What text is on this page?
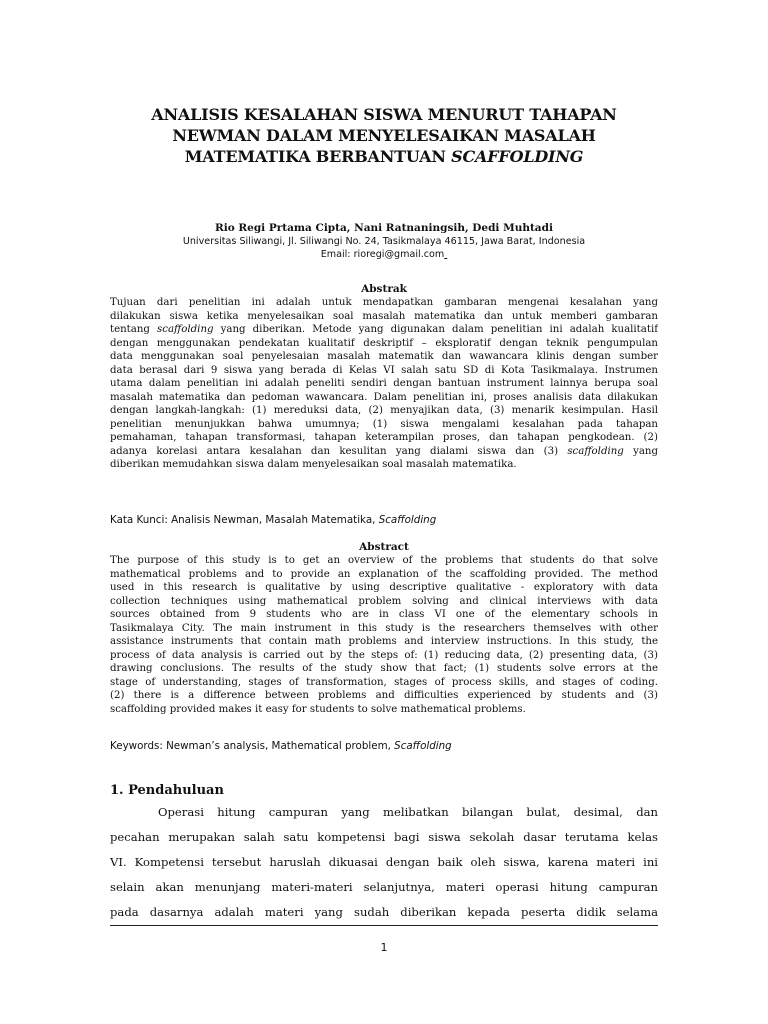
ANALISIS KESALAHAN SISWA MENURUT TAHAPAN
NEWMAN DALAM MENYELESAIKAN MASALAH
MATEMATIKA BERBANTUAN SCAFFOLDING
Rio Regi Prtama Cipta, Nani Ratnaningsih, Dedi Muhtadi
Universitas Siliwangi, Jl. Siliwangi No. 24, Tasikmalaya 46115, Jawa Barat, Indonesia
Email: rioregi@gmail.com
Abstrak
Tujuan dari penelitian ini adalah untuk mendapatkan gambaran mengenai kesalahan yang
dilakukan siswa ketika menyelesaikan soal masalah matematika dan untuk memberi gambaran
tentang scaffolding yang diberikan. Metode yang digunakan dalam penelitian ini adalah kualitatif
dengan menggunakan pendekatan kualitatif deskriptif – eksploratif dengan teknik pengumpulan
data menggunakan soal penyelesaian masalah matematik dan wawancara klinis dengan sumber
data berasal dari 9 siswa yang berada di Kelas VI salah satu SD di Kota Tasikmalaya. Instrumen
utama dalam penelitian ini adalah peneliti sendiri dengan bantuan instrument lainnya berupa soal
masalah matematika dan pedoman wawancara. Dalam penelitian ini, proses analisis data dilakukan
dengan langkah-langkah: (1) mereduksi data, (2) menyajikan data, (3) menarik kesimpulan. Hasil
penelitian menunjukkan bahwa umumnya; (1) siswa mengalami kesalahan pada tahapan
pemahaman, tahapan transformasi, tahapan keterampilan proses, dan tahapan pengkodean. (2)
adanya korelasi antara kesalahan dan kesulitan yang dialami siswa dan (3) scaffolding yang
diberikan memudahkan siswa dalam menyelesaikan soal masalah matematika.
Kata Kunci: Analisis Newman, Masalah Matematika, Scaffolding
Abstract
The purpose of this study is to get an overview of the problems that students do that solve
mathematical problems and to provide an explanation of the scaffolding provided. The method
used in this research is qualitative by using descriptive qualitative - exploratory with data
collection techniques using mathematical problem solving and clinical interviews with data
sources obtained from 9 students who are in class VI one of the elementary schools in
Tasikmalaya City. The main instrument in this study is the researchers themselves with other
assistance instruments that contain math problems and interview instructions. In this study, the
process of data analysis is carried out by the steps of: (1) reducing data, (2) presenting data, (3)
drawing conclusions. The results of the study show that fact; (1) students solve errors at the
stage of understanding, stages of transformation, stages of process skills, and stages of coding.
(2) there is a difference between problems and difficulties experienced by students and (3)
scaffolding provided makes it easy for students to solve mathematical problems.
Keywords: Newman’s analysis, Mathematical problem, Scaffolding
1. Pendahuluan
Operasi hitung campuran yang melibatkan bilangan bulat, desimal, dan
pecahan merupakan salah satu kompetensi bagi siswa sekolah dasar terutama kelas
VI. Kompetensi tersebut haruslah dikuasai dengan baik oleh siswa, karena materi ini
selain akan menunjang materi-materi selanjutnya, materi operasi hitung campuran
pada dasarnya adalah materi yang sudah diberikan kepada peserta didik selama
1
